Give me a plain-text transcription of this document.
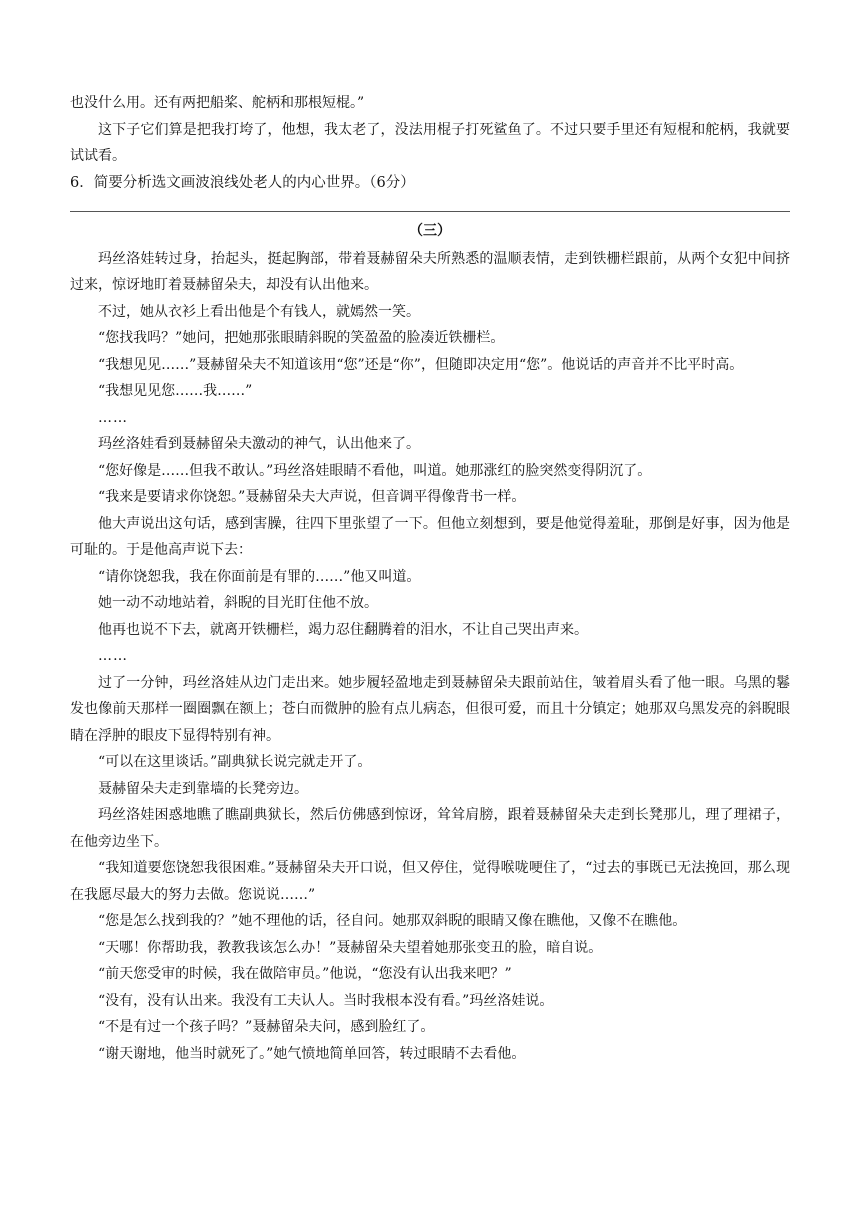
也没什么用。还有两把船桨、舵柄和那根短棍。”

这下子它们算是把我打垮了，他想，我太老了，没法用棍子打死鲨鱼了。不过只要手里还有短棍和舵柄，我就要试试看。

6．简要分析选文画波浪线处老人的内心世界。（6分）

（三）

玛丝洛娃转过身，抬起头，挺起胸部，带着聂赫留朵夫所熟悉的温顺表情，走到铁栅栏跟前，从两个女犯中间挤过来，惊讶地盯着聂赫留朵夫，却没有认出他来。

不过，她从衣衫上看出他是个有钱人，就嫣然一笑。

“您找我吗？”她问，把她那张眼睛斜睨的笑盈盈的脸凑近铁栅栏。

“我想见见……”聂赫留朵夫不知道该用“您”还是“你”，但随即决定用“您”。他说话的声音并不比平时高。

“我想见见您……我……”

……

玛丝洛娃看到聂赫留朵夫激动的神气，认出他来了。

“您好像是……但我不敢认。”玛丝洛娃眼睛不看他，叫道。她那涨红的脸突然变得阴沉了。

“我来是要请求你饶恕。”聂赫留朵夫大声说，但音调平得像背书一样。

他大声说出这句话，感到害臊，往四下里张望了一下。但他立刻想到，要是他觉得羞耻，那倒是好事，因为他是可耻的。于是他高声说下去：

“请你饶恕我，我在你面前是有罪的……”他又叫道。

她一动不动地站着，斜睨的目光盯住他不放。

他再也说不下去，就离开铁栅栏，竭力忍住翻腾着的泪水，不让自己哭出声来。

……

过了一分钟，玛丝洛娃从边门走出来。她步履轻盈地走到聂赫留朵夫跟前站住，皱着眉头看了他一眼。乌黑的鬈发也像前天那样一圈圈飘在额上；苍白而微肿的脸有点儿病态，但很可爱，而且十分镇定；她那双乌黑发亮的斜睨眼睛在浮肿的眼皮下显得特别有神。

“可以在这里谈话。”副典狱长说完就走开了。

聂赫留朵夫走到靠墙的长凳旁边。

玛丝洛娃困惑地瞧了瞧副典狱长，然后仿佛感到惊讶，耸耸肩膀，跟着聂赫留朵夫走到长凳那儿，理了理裙子，在他旁边坐下。

“我知道要您饶恕我很困难。”聂赫留朵夫开口说，但又停住，觉得喉咙哽住了，“过去的事既已无法挽回，那么现在我愿尽最大的努力去做。您说说……”

“您是怎么找到我的？”她不理他的话，径自问。她那双斜睨的眼睛又像在瞧他，又像不在瞧他。

“天哪！你帮助我，教教我该怎么办！”聂赫留朵夫望着她那张变丑的脸，暗自说。

“前天您受审的时候，我在做陪审员。”他说，“您没有认出我来吧？”

“没有，没有认出来。我没有工夫认人。当时我根本没有看。”玛丝洛娃说。

“不是有过一个孩子吗？”聂赫留朵夫问，感到脸红了。

“谢天谢地，他当时就死了。”她气愤地简单回答，转过眼睛不去看他。
